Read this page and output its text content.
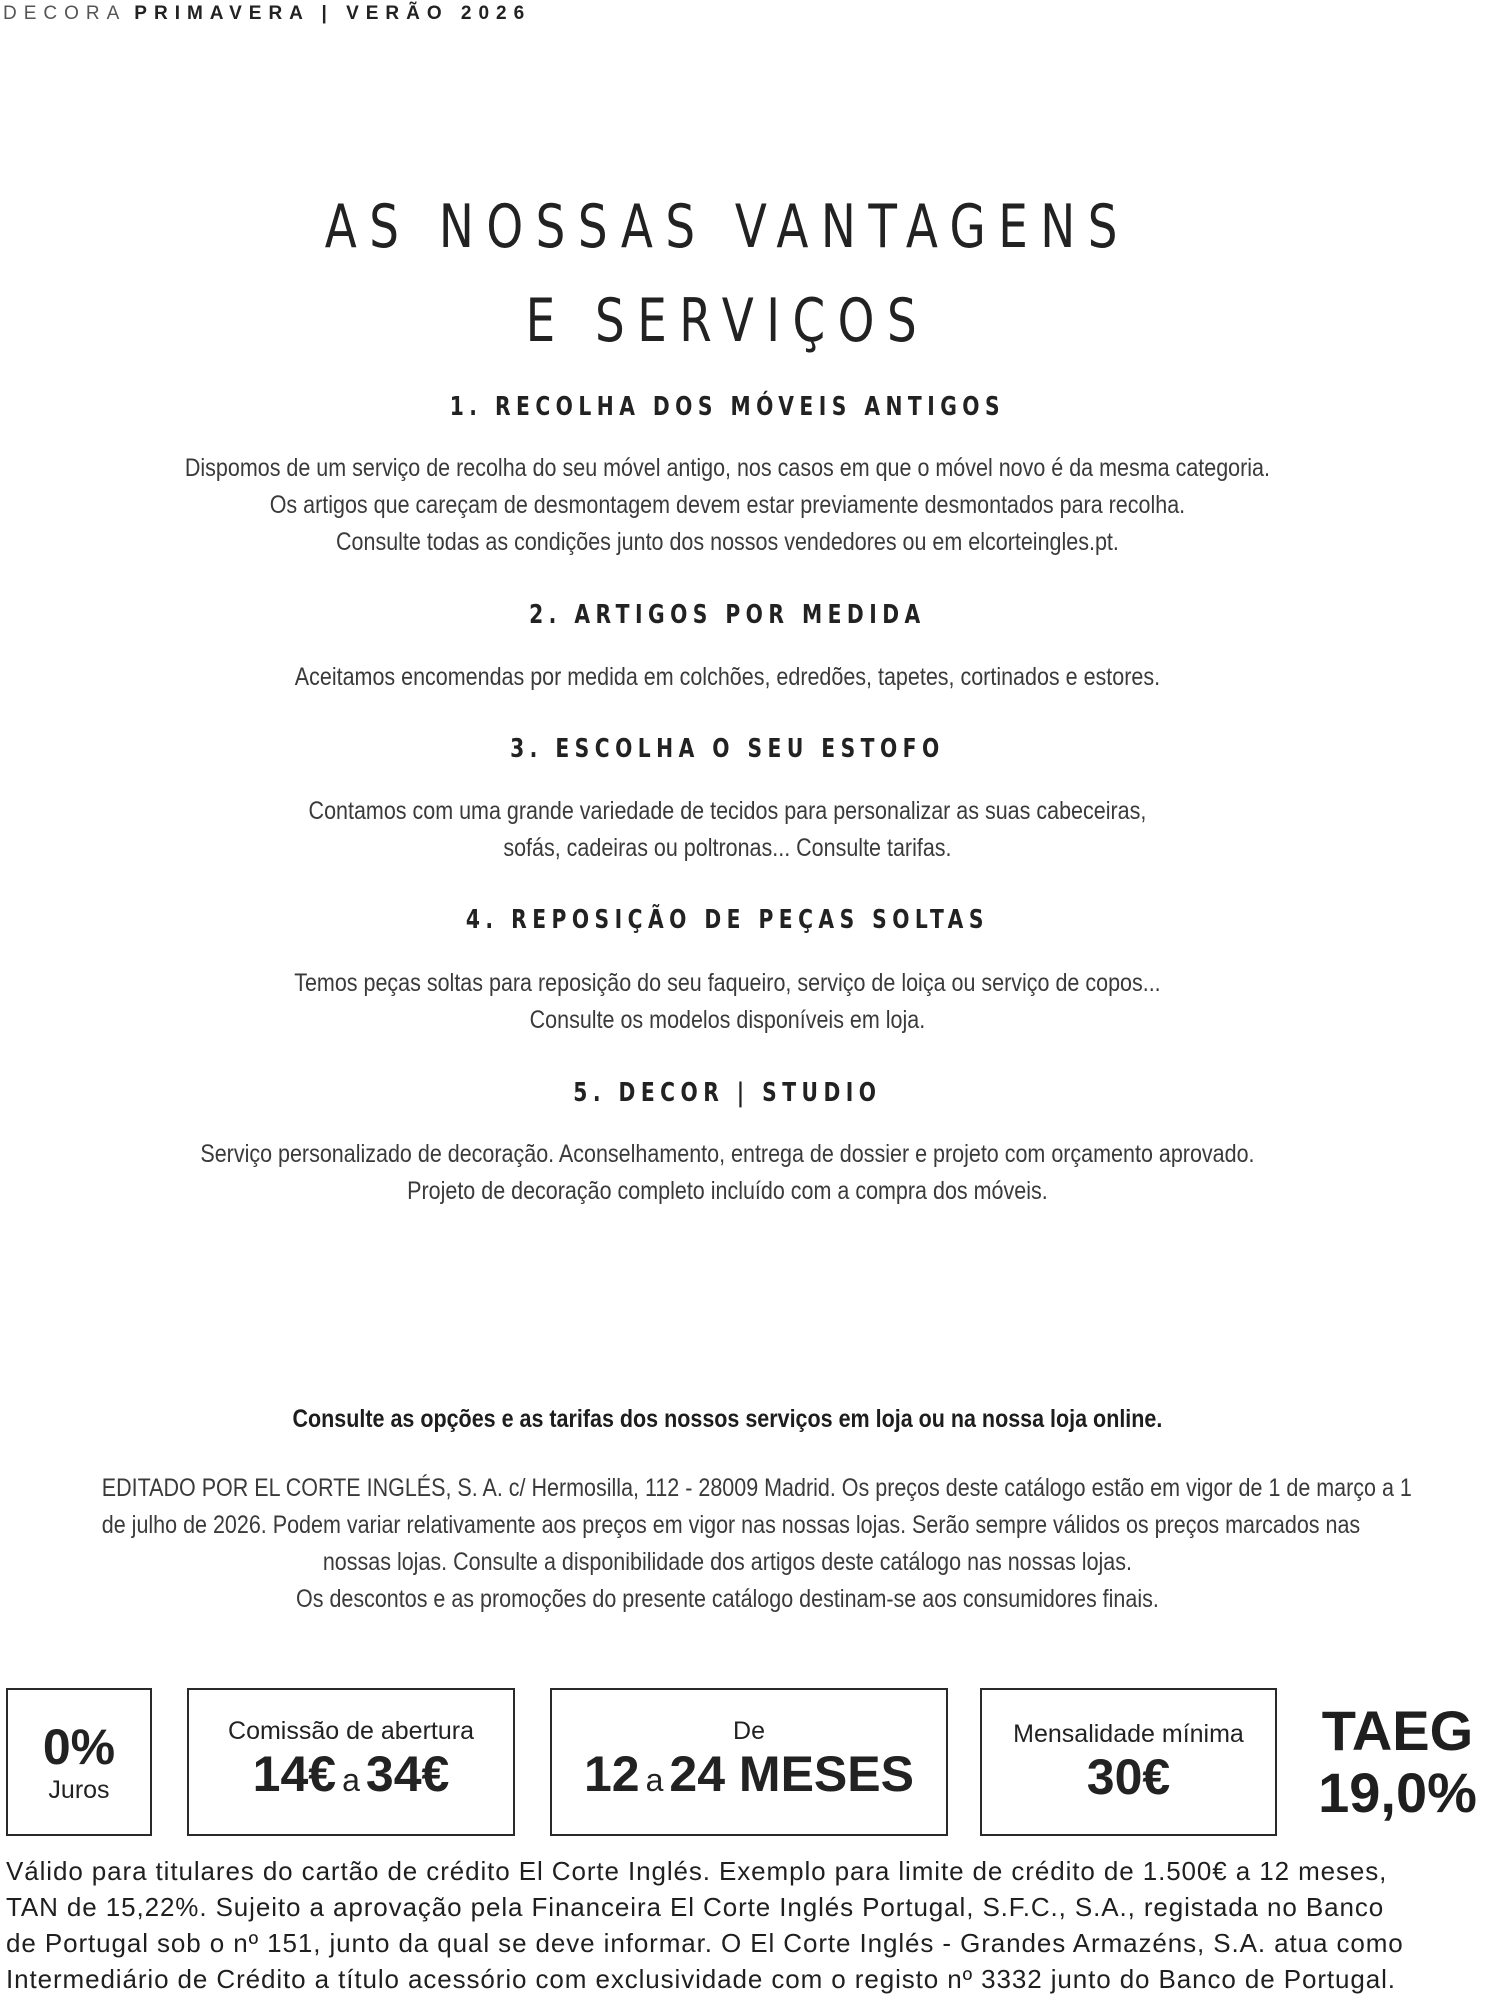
DECORA PRIMAVERA | VERÃO 2026
AS NOSSAS VANTAGENS
E SERVIÇOS
1. RECOLHA DOS MÓVEIS ANTIGOS
Dispomos de um serviço de recolha do seu móvel antigo, nos casos em que o móvel novo é da mesma categoria.
Os artigos que careçam de desmontagem devem estar previamente desmontados para recolha.
Consulte todas as condições junto dos nossos vendedores ou em elcorteingles.pt.
2. ARTIGOS POR MEDIDA
Aceitamos encomendas por medida em colchões, edredões, tapetes, cortinados e estores.
3. ESCOLHA O SEU ESTOFO
Contamos com uma grande variedade de tecidos para personalizar as suas cabeceiras,
sofás, cadeiras ou poltronas... Consulte tarifas.
4. REPOSIÇÃO DE PEÇAS SOLTAS
Temos peças soltas para reposição do seu faqueiro, serviço de loiça ou serviço de copos...
Consulte os modelos disponíveis em loja.
5. DECOR | STUDIO
Serviço personalizado de decoração. Aconselhamento, entrega de dossier e projeto com orçamento aprovado.
Projeto de decoração completo incluído com a compra dos móveis.
Consulte as opções e as tarifas dos nossos serviços em loja ou na nossa loja online.
EDITADO POR EL CORTE INGLÉS, S. A. c/ Hermosilla, 112 - 28009 Madrid. Os preços deste catálogo estão em vigor de 1 de março a 1
de julho de 2026. Podem variar relativamente aos preços em vigor nas nossas lojas. Serão sempre válidos os preços marcados nas
nossas lojas. Consulte a disponibilidade dos artigos deste catálogo nas nossas lojas.
Os descontos e as promoções do presente catálogo destinam-se aos consumidores finais.
0%
Juros
Comissão de abertura
14€ a 34€
De
12 a 24 MESES
Mensalidade mínima
30€
TAEG
19,0%
Válido para titulares do cartão de crédito El Corte Inglés. Exemplo para limite de crédito de 1.500€ a 12 meses,
TAN de 15,22%. Sujeito a aprovação pela Financeira El Corte Inglés Portugal, S.F.C., S.A., registada no Banco
de Portugal sob o nº 151, junto da qual se deve informar. O El Corte Inglés - Grandes Armazéns, S.A. atua como
Intermediário de Crédito a título acessório com exclusividade com o registo nº 3332 junto do Banco de Portugal.
